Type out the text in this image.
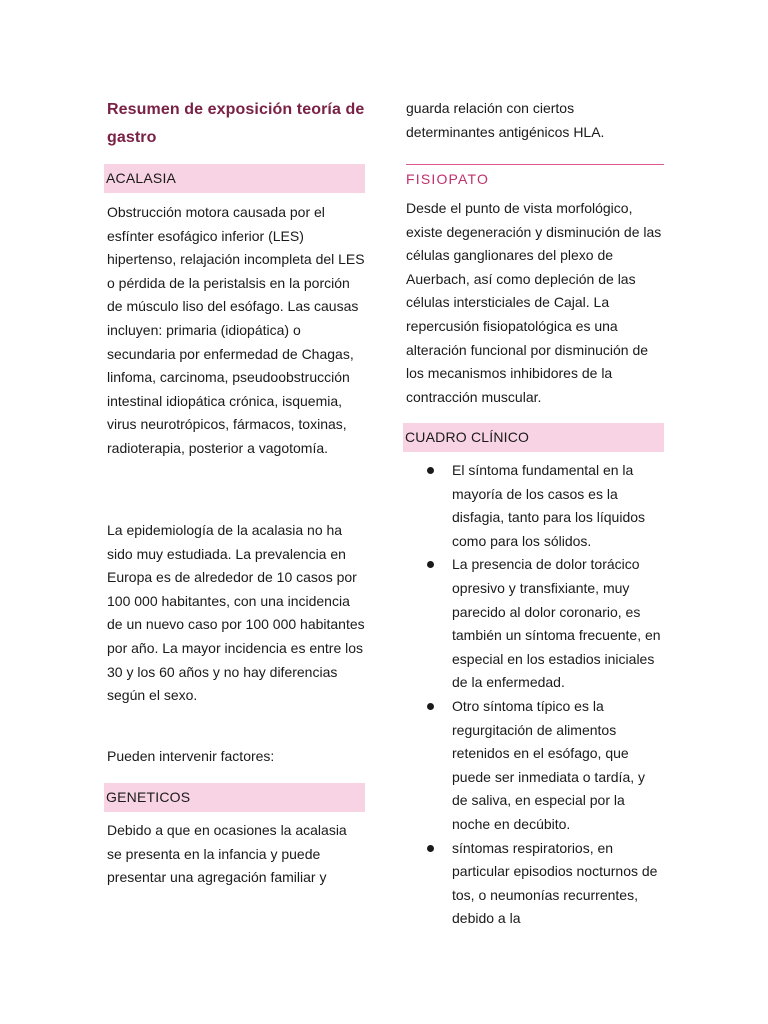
Resumen de exposición teoría de gastro
ACALASIA

Obstrucción motora causada por el esfínter esofágico inferior (LES) hipertenso, relajación incompleta del LES o pérdida de la peristalsis en la porción de músculo liso del esófago. Las causas incluyen: primaria (idiopática) o secundaria por enfermedad de Chagas, linfoma, carcinoma, pseudoobstrucción intestinal idiopática crónica, isquemia, virus neurotrópicos, fármacos, toxinas, radioterapia, posterior a vagotomía.

La epidemiología de la acalasia no ha sido muy estudiada. La prevalencia en Europa es de alrededor de 10 casos por 100 000 habitantes, con una incidencia de un nuevo caso por 100 000 habitantes por año. La mayor incidencia es entre los 30 y los 60 años y no hay diferencias según el sexo.

Pueden intervenir factores:

GENETICOS

Debido a que en ocasiones la acalasia se presenta en la infancia y puede presentar una agregación familiar y

guarda relación con ciertos determinantes antigénicos HLA.

FISIOPATO

Desde el punto de vista morfológico, existe degeneración y disminución de las células ganglionares del plexo de Auerbach, así como depleción de las células intersticiales de Cajal. La repercusión fisiopatológica es una alteración funcional por disminución de los mecanismos inhibidores de la contracción muscular.

CUADRO CLÍNICO
El síntoma fundamental en la mayoría de los casos es la disfagia, tanto para los líquidos como para los sólidos.
La presencia de dolor torácico opresivo y transfixiante, muy parecido al dolor coronario, es también un síntoma frecuente, en especial en los estadios iniciales de la enfermedad.
Otro síntoma típico es la regurgitación de alimentos retenidos en el esófago, que puede ser inmediata o tardía, y de saliva, en especial por la noche en decúbito.
síntomas respiratorios, en particular episodios nocturnos de tos, o neumonías recurrentes, debido a la
